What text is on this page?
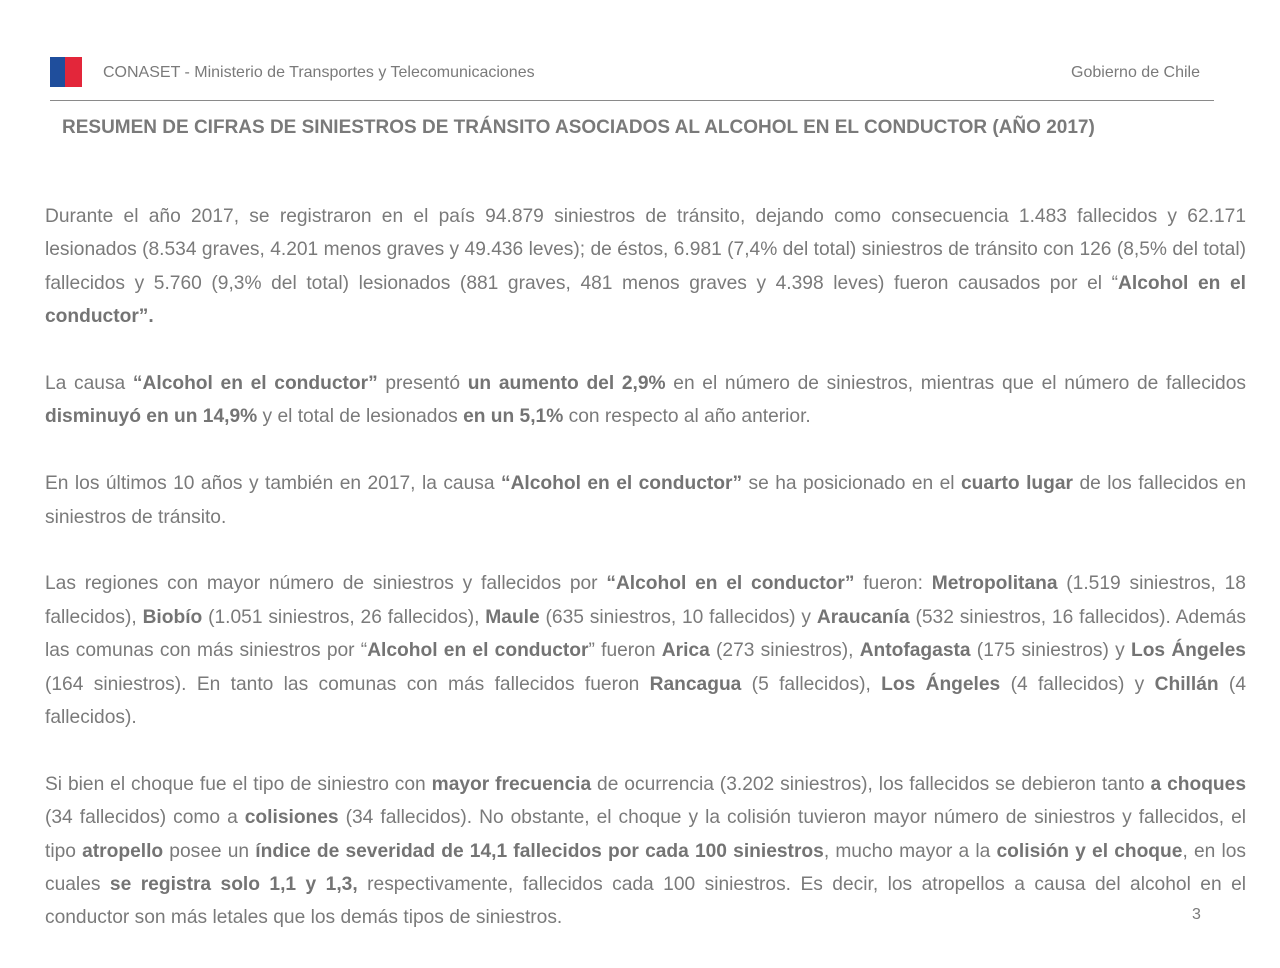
CONASET - Ministerio de Transportes y Telecomunicaciones	Gobierno de Chile
RESUMEN DE CIFRAS DE SINIESTROS DE TRÁNSITO ASOCIADOS AL ALCOHOL EN EL CONDUCTOR (AÑO 2017)

Durante el año 2017, se registraron en el país 94.879 siniestros de tránsito, dejando como consecuencia 1.483 fallecidos y 62.171 lesionados (8.534 graves, 4.201 menos graves y 49.436 leves); de éstos, 6.981 (7,4% del total) siniestros de tránsito con 126 (8,5% del total) fallecidos y 5.760 (9,3% del total) lesionados (881 graves, 481 menos graves y 4.398 leves) fueron causados por el “Alcohol en el conductor”.

La causa “Alcohol en el conductor” presentó un aumento del 2,9% en el número de siniestros, mientras que el número de fallecidos disminuyó en un 14,9% y el total de lesionados en un 5,1% con respecto al año anterior.

En los últimos 10 años y también en 2017, la causa “Alcohol en el conductor” se ha posicionado en el cuarto lugar de los fallecidos en siniestros de tránsito.

Las regiones con mayor número de siniestros y fallecidos por “Alcohol en el conductor” fueron: Metropolitana (1.519 siniestros, 18 fallecidos), Biobío (1.051 siniestros, 26 fallecidos), Maule (635 siniestros, 10 fallecidos) y Araucanía (532 siniestros, 16 fallecidos). Además las comunas con más siniestros por “Alcohol en el conductor” fueron Arica (273 siniestros), Antofagasta (175 siniestros) y Los Ángeles (164 siniestros). En tanto las comunas con más fallecidos fueron Rancagua (5 fallecidos), Los Ángeles (4 fallecidos) y Chillán (4 fallecidos).

Si bien el choque fue el tipo de siniestro con mayor frecuencia de ocurrencia (3.202 siniestros), los fallecidos se debieron tanto a choques (34 fallecidos) como a colisiones (34 fallecidos). No obstante, el choque y la colisión tuvieron mayor número de siniestros y fallecidos, el tipo atropello posee un índice de severidad de 14,1 fallecidos por cada 100 siniestros, mucho mayor a la colisión y el choque, en los cuales se registra solo 1,1 y 1,3, respectivamente, fallecidos cada 100 siniestros. Es decir, los atropellos a causa del alcohol en el conductor son más letales que los demás tipos de siniestros.	3
